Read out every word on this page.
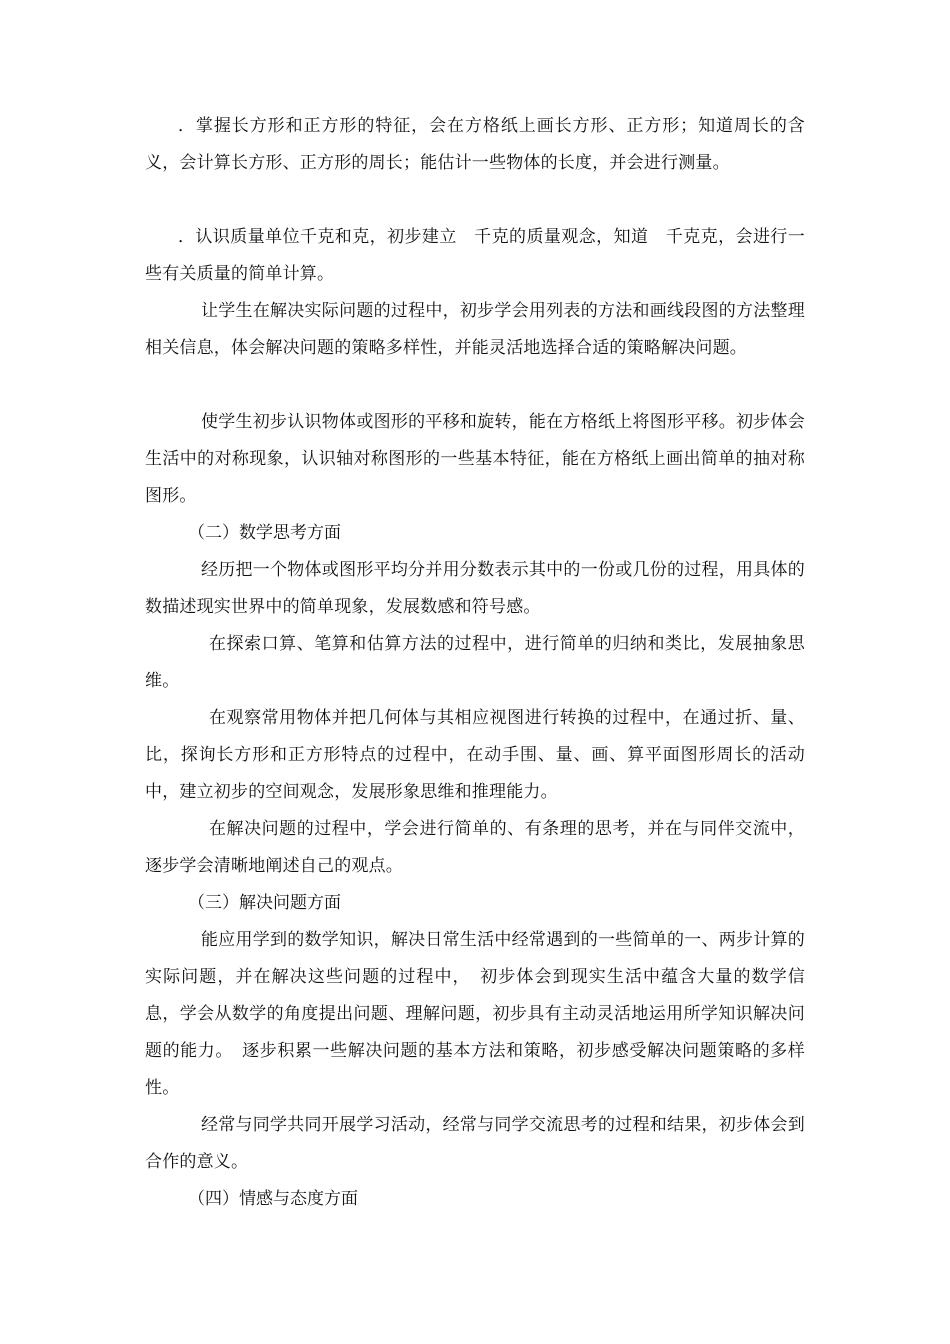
．掌握长方形和正方形的特征，会在方格纸上画长方形、正方形；知道周长的含义，会计算长方形、正方形的周长；能估计一些物体的长度，并会进行测量。

．认识质量单位千克和克，初步建立　千克的质量观念，知道　千克克，会进行一些有关质量的简单计算。

让学生在解决实际问题的过程中，初步学会用列表的方法和画线段图的方法整理相关信息，体会解决问题的策略多样性，并能灵活地选择合适的策略解决问题。

使学生初步认识物体或图形的平移和旋转，能在方格纸上将图形平移。初步体会生活中的对称现象，认识轴对称图形的一些基本特征，能在方格纸上画出简单的抽对称图形。

（二）数学思考方面

经历把一个物体或图形平均分并用分数表示其中的一份或几份的过程，用具体的数描述现实世界中的简单现象，发展数感和符号感。

在探索口算、笔算和估算方法的过程中，进行简单的归纳和类比，发展抽象思维。

在观察常用物体并把几何体与其相应视图进行转换的过程中，在通过折、量、比，探询长方形和正方形特点的过程中，在动手围、量、画、算平面图形周长的活动中，建立初步的空间观念，发展形象思维和推理能力。

在解决问题的过程中，学会进行简单的、有条理的思考，并在与同伴交流中，逐步学会清晰地阐述自己的观点。

（三）解决问题方面

能应用学到的数学知识，解决日常生活中经常遇到的一些简单的一、两步计算的实际问题，并在解决这些问题的过程中，　初步体会到现实生活中蕴含大量的数学信息，学会从数学的角度提出问题、理解问题，初步具有主动灵活地运用所学知识解决问题的能力。　逐步积累一些解决问题的基本方法和策略，初步感受解决问题策略的多样性。

经常与同学共同开展学习活动，经常与同学交流思考的过程和结果，初步体会到合作的意义。

（四）情感与态度方面
